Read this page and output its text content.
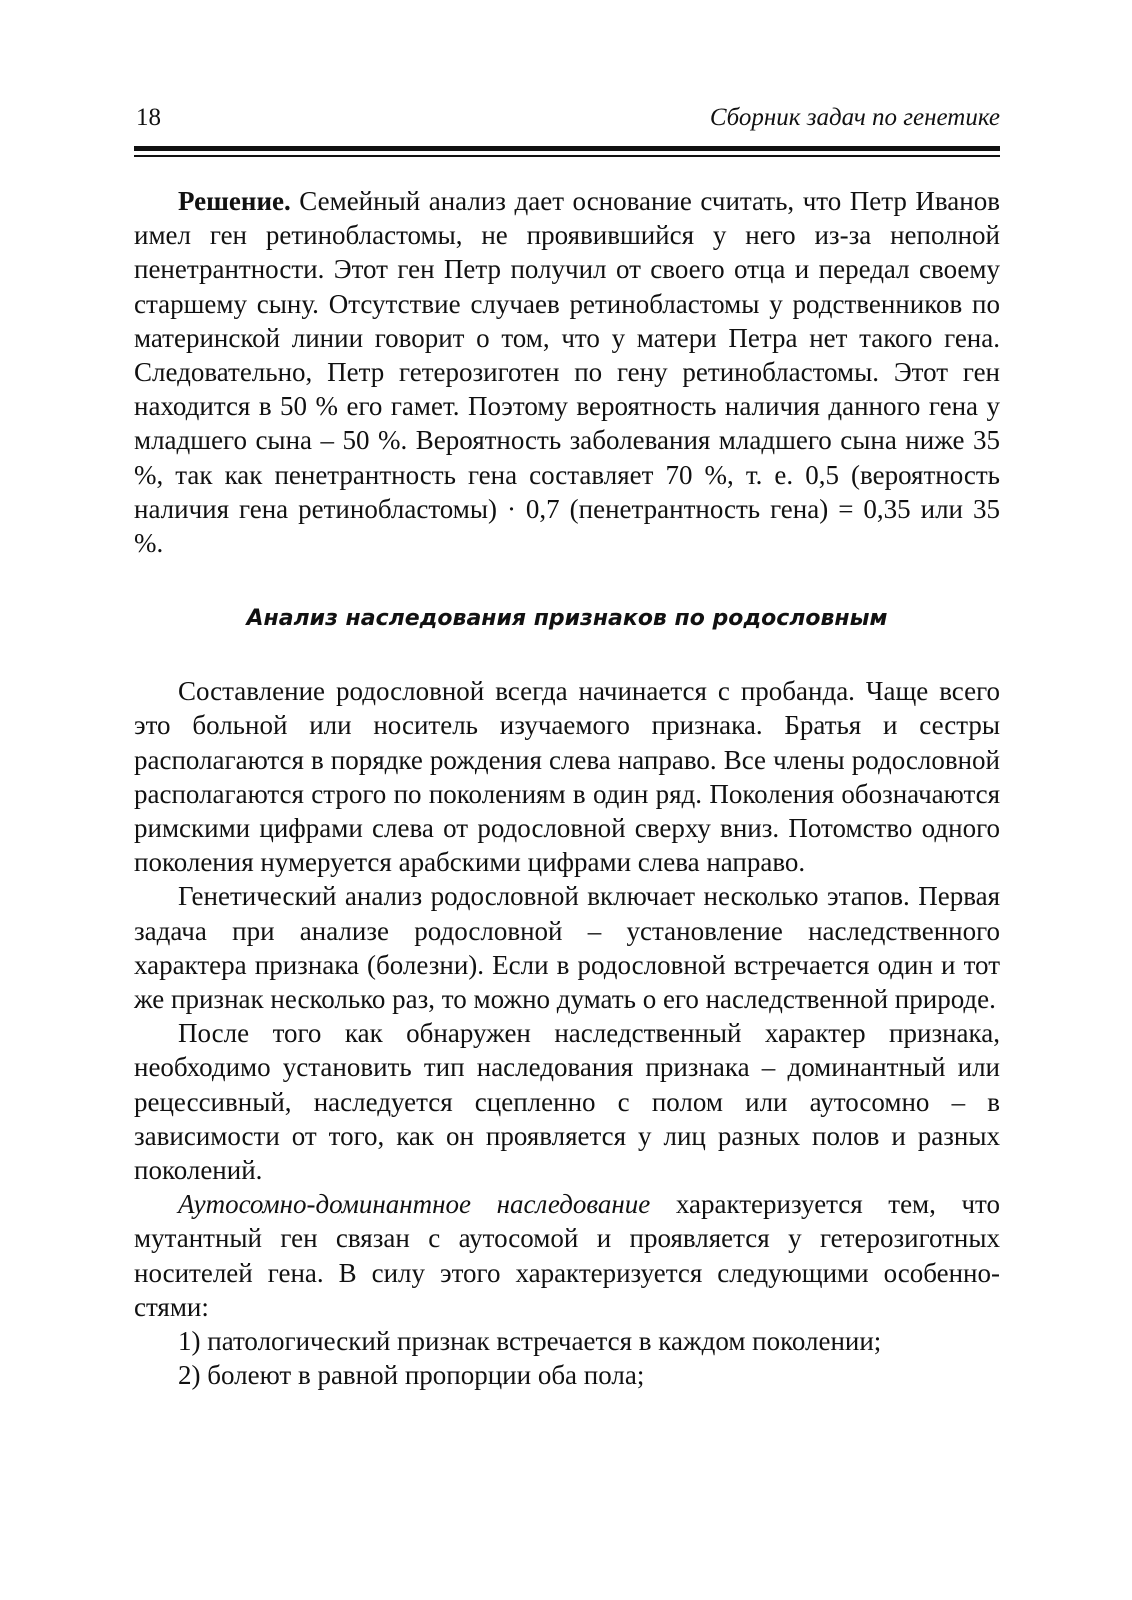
18	Сборник задач по генетике

Решение. Семейный анализ дает основание считать, что Петр Иванов имел ген ретинобластомы, не проявившийся у него из-за неполной пенетрантности. Этот ген Петр получил от своего отца и передал своему старшему сыну. Отсутствие случаев ретинобластомы у родственников по материнской линии говорит о том, что у матери Петра нет такого гена. Следовательно, Петр гетерозиготен по гену ретинобластомы. Этот ген находится в 50 % его гамет. Поэтому вероятность наличия данного гена у младшего сына – 50 %. Вероятность заболевания младшего сына ниже 35 %, так как пенетрантность гена составляет 70 %, т. е. 0,5 (вероятность наличия гена ретинобластомы) · 0,7 (пенетрантность гена) = 0,35 или 35 %.

Анализ наследования признаков по родословным

Составление родословной всегда начинается с пробанда. Чаще всего это больной или носитель изучаемого признака. Братья и сестры располагаются в порядке рождения слева направо. Все члены родословной располагаются строго по поколениям в один ряд. Поколения обозначаются римскими цифрами слева от родословной сверху вниз. Потомство одного поколения нумеруется арабскими цифрами слева направо.

Генетический анализ родословной включает несколько этапов. Первая задача при анализе родословной – установление наследственного характера признака (болезни). Если в родословной встречается один и тот же признак несколько раз, то можно думать о его наследственной природе.

После того как обнаружен наследственный характер признака, необходимо установить тип наследования признака – доминантный или рецессивный, наследуется сцепленно с полом или аутосомно – в зависимости от того, как он проявляется у лиц разных полов и разных поколений.

Аутосомно-доминантное наследование характеризуется тем, что мутантный ген связан с аутосомой и проявляется у гетерозиготных носителей гена. В силу этого характеризуется следующими особенностями:

1) патологический признак встречается в каждом поколении;

2) болеют в равной пропорции оба пола;
